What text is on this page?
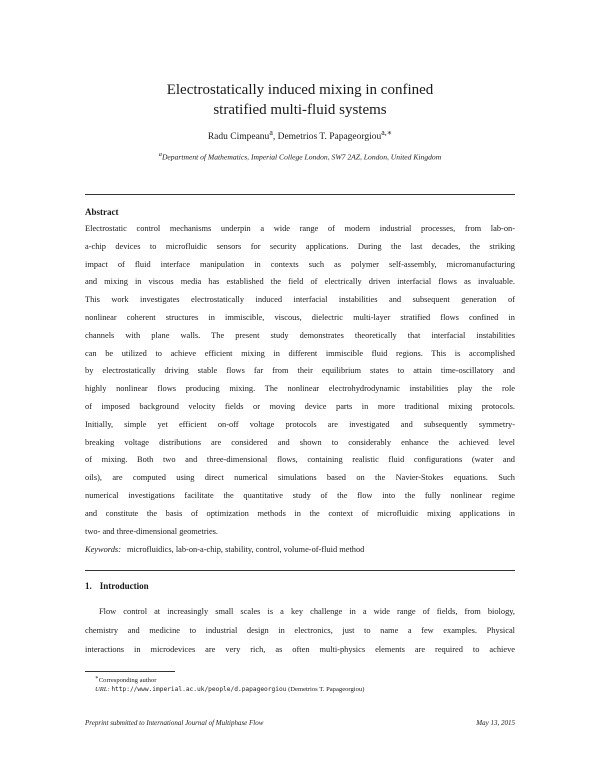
Electrostatically induced mixing in confined
stratified multi-fluid systems
Radu Cimpeanu$^a$, Demetrios T. Papageorgiou$^{a,∗}$
$^a$Department of Mathematics, Imperial College London, SW7 2AZ, London, United Kingdom
Abstract
Electrostatic control mechanisms underpin a wide range of modern industrial processes, from lab-on-
a-chip devices to microfluidic sensors for security applications. During the last decades, the striking
impact of fluid interface manipulation in contexts such as polymer self-assembly, micromanufacturing
and mixing in viscous media has established the field of electrically driven interfacial flows as invaluable.
This work investigates electrostatically induced interfacial instabilities and subsequent generation of
nonlinear coherent structures in immiscible, viscous, dielectric multi-layer stratified flows confined in
channels with plane walls. The present study demonstrates theoretically that interfacial instabilities
can be utilized to achieve efficient mixing in different immiscible fluid regions. This is accomplished
by electrostatically driving stable flows far from their equilibrium states to attain time-oscillatory and
highly nonlinear flows producing mixing. The nonlinear electrohydrodynamic instabilities play the role
of imposed background velocity fields or moving device parts in more traditional mixing protocols.
Initially, simple yet efficient on-off voltage protocols are investigated and subsequently symmetry-
breaking voltage distributions are considered and shown to considerably enhance the achieved level
of mixing. Both two and three-dimensional flows, containing realistic fluid configurations (water and
oils), are computed using direct numerical simulations based on the Navier-Stokes equations. Such
numerical investigations facilitate the quantitative study of the flow into the fully nonlinear regime
and constitute the basis of optimization methods in the context of microfluidic mixing applications in
two- and three-dimensional geometries.
Keywords: microfluidics, lab-on-a-chip, stability, control, volume-of-fluid method
1. Introduction
Flow control at increasingly small scales is a key challenge in a wide range of fields, from biology,
chemistry and medicine to industrial design in electronics, just to name a few examples. Physical
interactions in microdevices are very rich, as often multi-physics elements are required to achieve
∗Corresponding author
URL: http://www.imperial.ac.uk/people/d.papageorgiou (Demetrios T. Papageorgiou)
Preprint submitted to International Journal of Multiphase Flow	May 13, 2015
